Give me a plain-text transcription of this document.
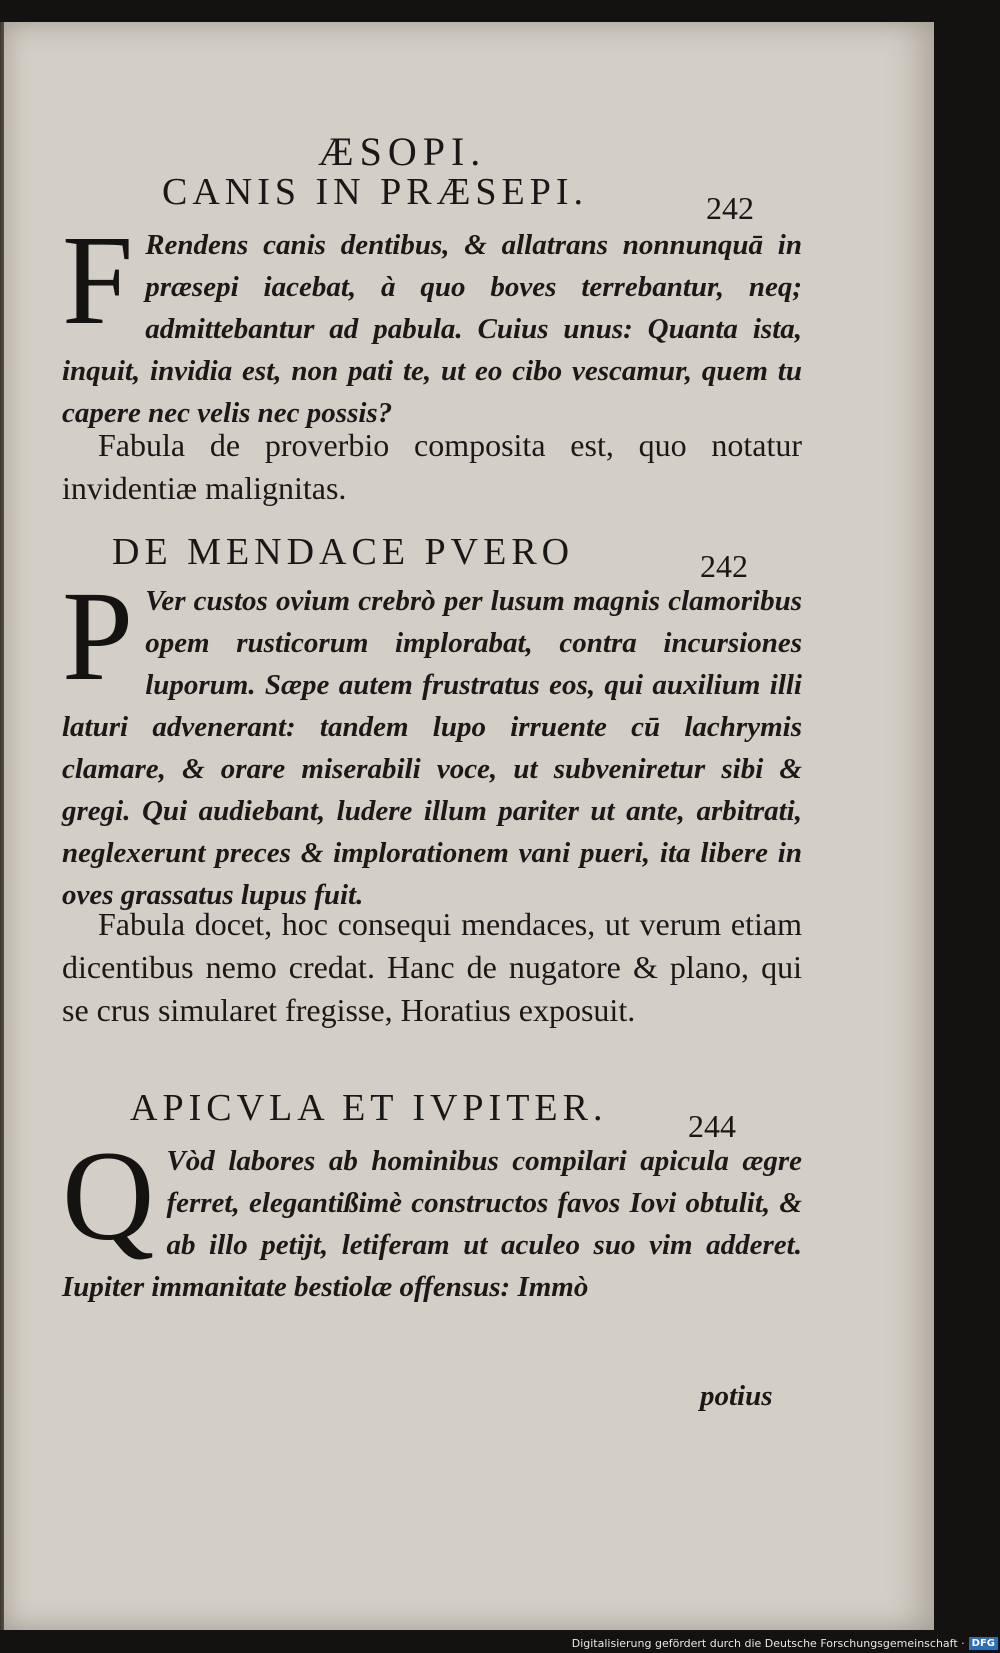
ÆSOPI.
CANIS IN PRÆSEPI.	242
F Rendens canis dentibus, & allatrans nonnunquā in præsepi iacebat, à quo boves terrebantur, neq; admittebantur ad pabula. Cuius unus: Quanta ista, inquit, invidia est, non pati te, ut eo cibo vescamur, quem tu capere nec velis nec possis?
Fabula de proverbio composita est, quo notatur invidentiæ malignitas.
DE MENDACE PVERO	242
P Ver custos ovium crebrò per lusum magnis clamoribus opem rusticorum implorabat, contra incursiones luporum. Sæpe autem frustratus eos, qui auxilium illi laturi advenerant: tandem lupo irruente cū lachrymis clamare, & orare miserabili voce, ut subveniretur sibi & gregi. Qui audiebant, ludere illum pariter ut ante, arbitrati, neglexerunt preces & implorationem vani pueri, ita libere in oves grassatus lupus fuit.
Fabula docet, hoc consequi mendaces, ut verum etiam dicentibus nemo credat. Hanc de nugatore & plano, qui se crus simularet fregisse, Horatius exposuit.
APICVLA ET IVPITER.	244
Q Vòd labores ab hominibus compilari apicula ægre ferret, elegantißimè constructos favos Iovi obtulit, & ab illo petijt, letiferam ut aculeo suo vim adderet. Iupiter immanitate bestiolæ offensus: Immò
potius
Digitalisierung gefördert durch die Deutsche Forschungsgemeinschaft · DFG
